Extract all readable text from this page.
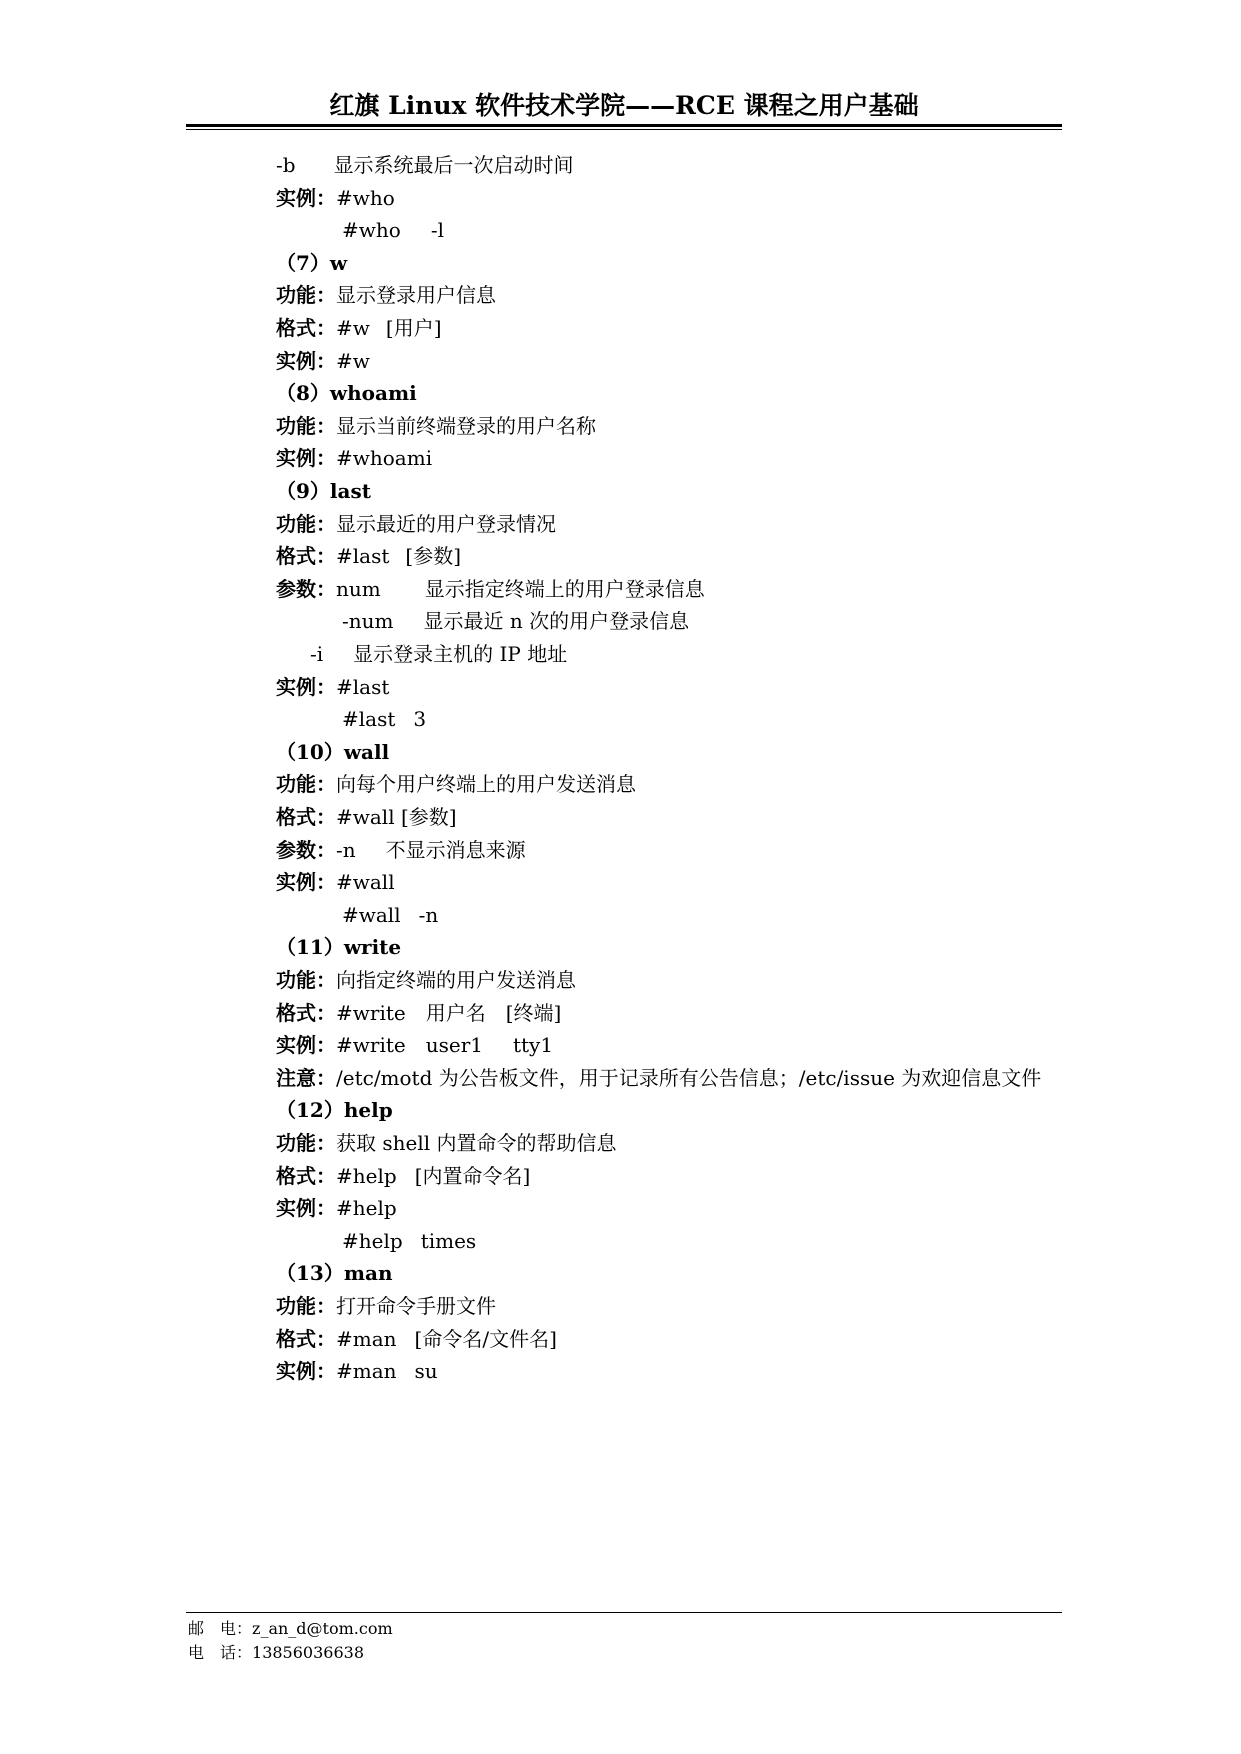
红旗 Linux 软件技术学院——RCE 课程之用户基础
-b 显示系统最后一次启动时间
实例：#who
#who -l
（7）w
功能：显示登录用户信息
格式：#w [用户]
实例：#w
（8）whoami
功能：显示当前终端登录的用户名称
实例：#whoami
（9）last
功能：显示最近的用户登录情况
格式：#last [参数]
参数：num 显示指定终端上的用户登录信息
-num 显示最近 n 次的用户登录信息
-i 显示登录主机的 IP 地址
实例：#last
#last 3
（10）wall
功能：向每个用户终端上的用户发送消息
格式：#wall [参数]
参数：-n 不显示消息来源
实例：#wall
#wall -n
（11）write
功能：向指定终端的用户发送消息
格式：#write 用户名 [终端]
实例：#write user1 tty1
注意：/etc/motd 为公告板文件，用于记录所有公告信息；/etc/issue 为欢迎信息文件
（12）help
功能：获取 shell 内置命令的帮助信息
格式：#help [内置命令名]
实例：#help
#help times
（13）man
功能：打开命令手册文件
格式：#man [命令名/文件名]
实例：#man su
邮　电：z_an_d@tom.com
电　话：13856036638
